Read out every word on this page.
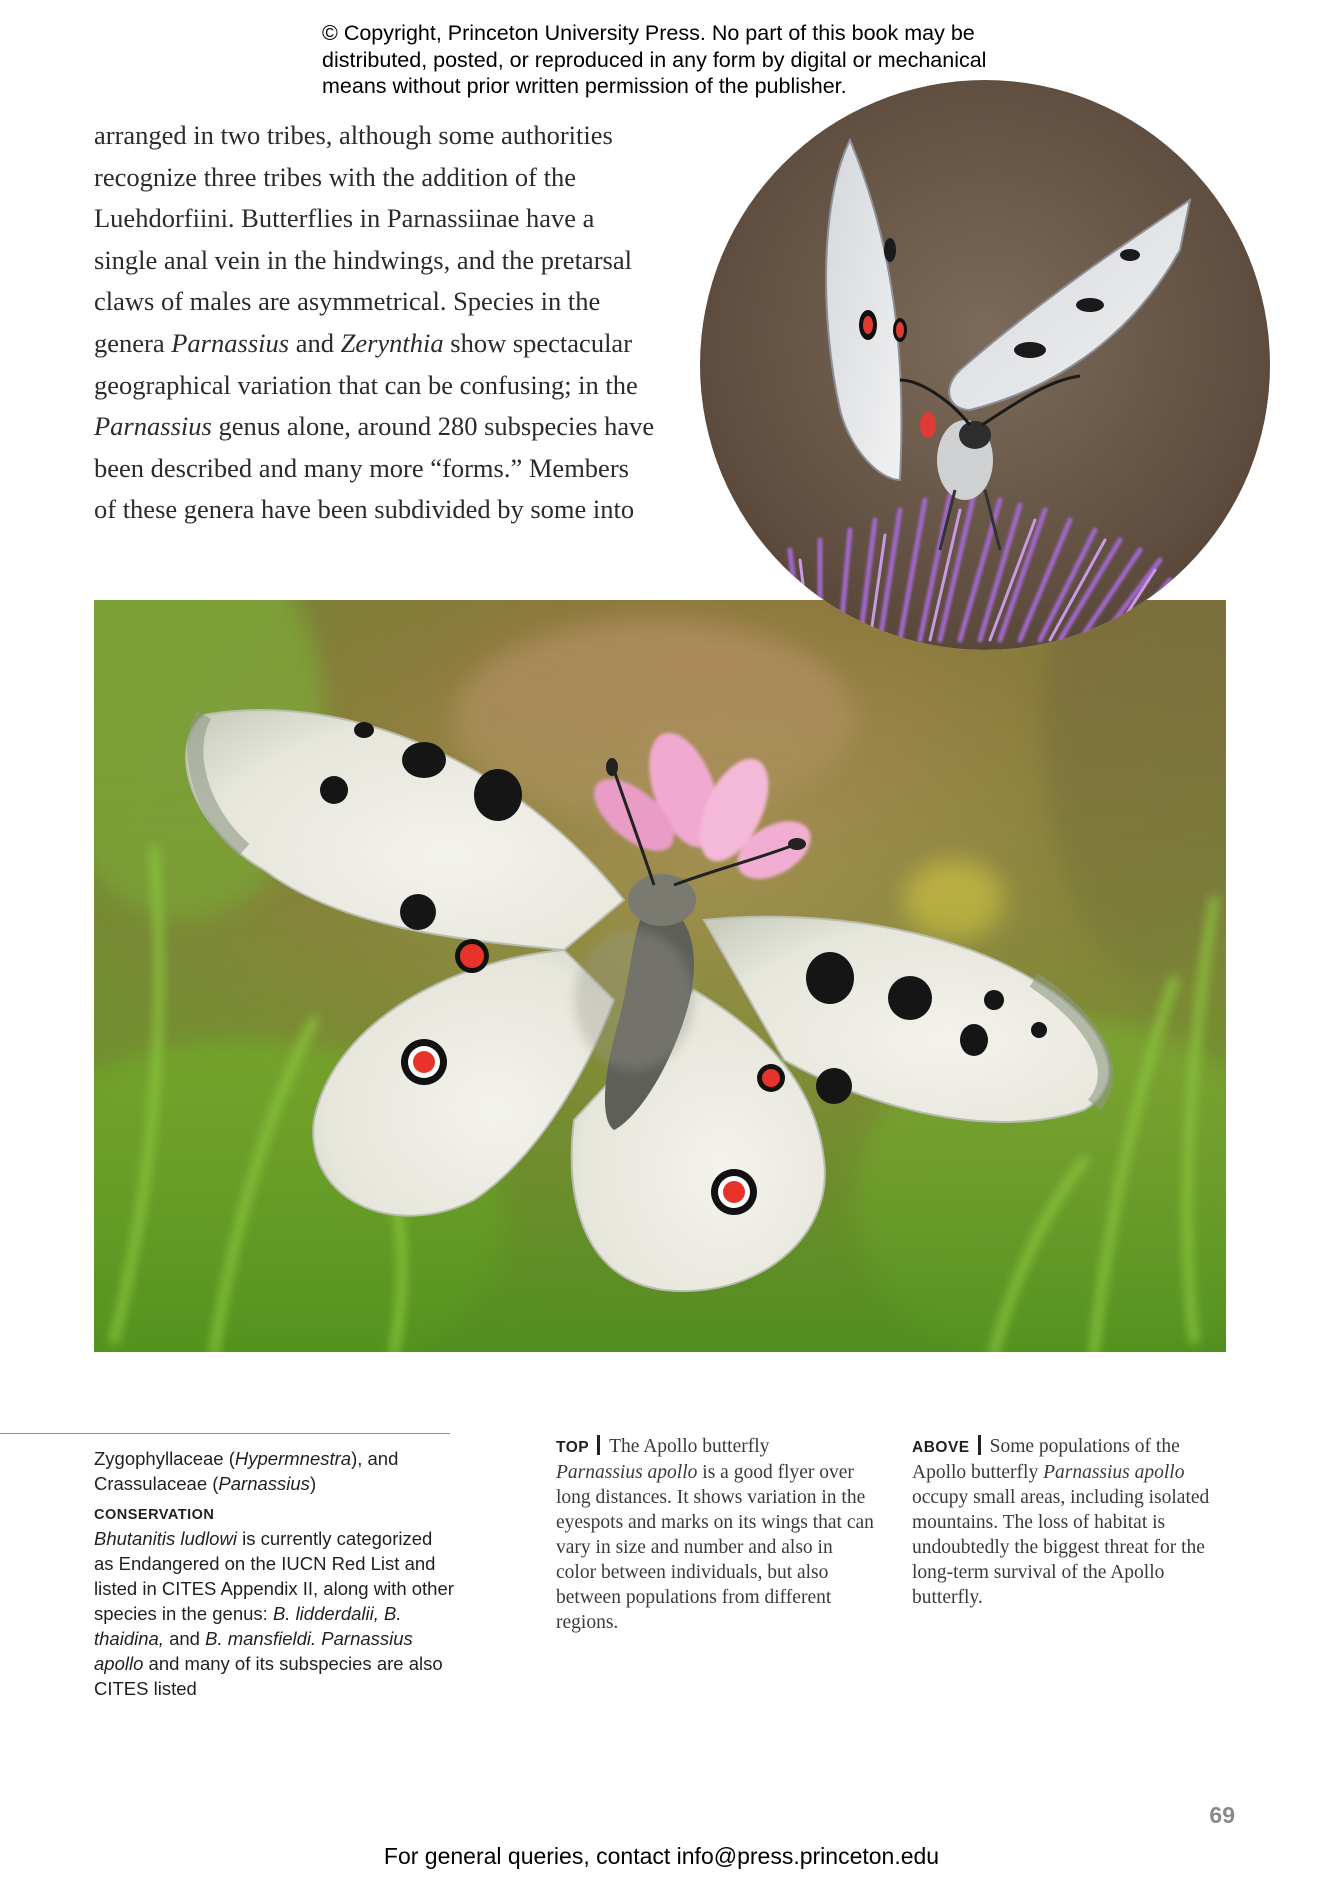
© Copyright, Princeton University Press. No part of this book may be
distributed, posted, or reproduced in any form by digital or mechanical
means without prior written permission of the publisher.
arranged in two tribes, although some authorities
recognize three tribes with the addition of the
Luehdorfiini. Butterflies in Parnassiinae have a
single anal vein in the hindwings, and the pretarsal
claws of males are asymmetrical. Species in the
genera Parnassius and Zerynthia show spectacular
geographical variation that can be confusing; in the
Parnassius genus alone, around 280 subspecies have
been described and many more “forms.” Members
of these genera have been subdivided by some into
Zygophyllaceae (Hypermnestra), and
Crassulaceae (Parnassius)
CONSERVATION
Bhutanitis ludlowi is currently categorized as Endangered on the IUCN Red List and listed in CITES Appendix II, along with other species in the genus: B. lidderdalii, B. thaidina, and B. mansfieldi. Parnassius apollo and many of its subspecies are also CITES listed
TOP The Apollo butterfly
Parnassius apollo is a good flyer over long distances. It shows variation in the eyespots and marks on its wings that can vary in size and number and also in color between individuals, but also between populations from different regions.
ABOVE Some populations of the Apollo butterfly Parnassius apollo occupy small areas, including isolated mountains. The loss of habitat is undoubtedly the biggest threat for the long-term survival of the Apollo butterfly.
69
For general queries, contact info@press.princeton.edu
